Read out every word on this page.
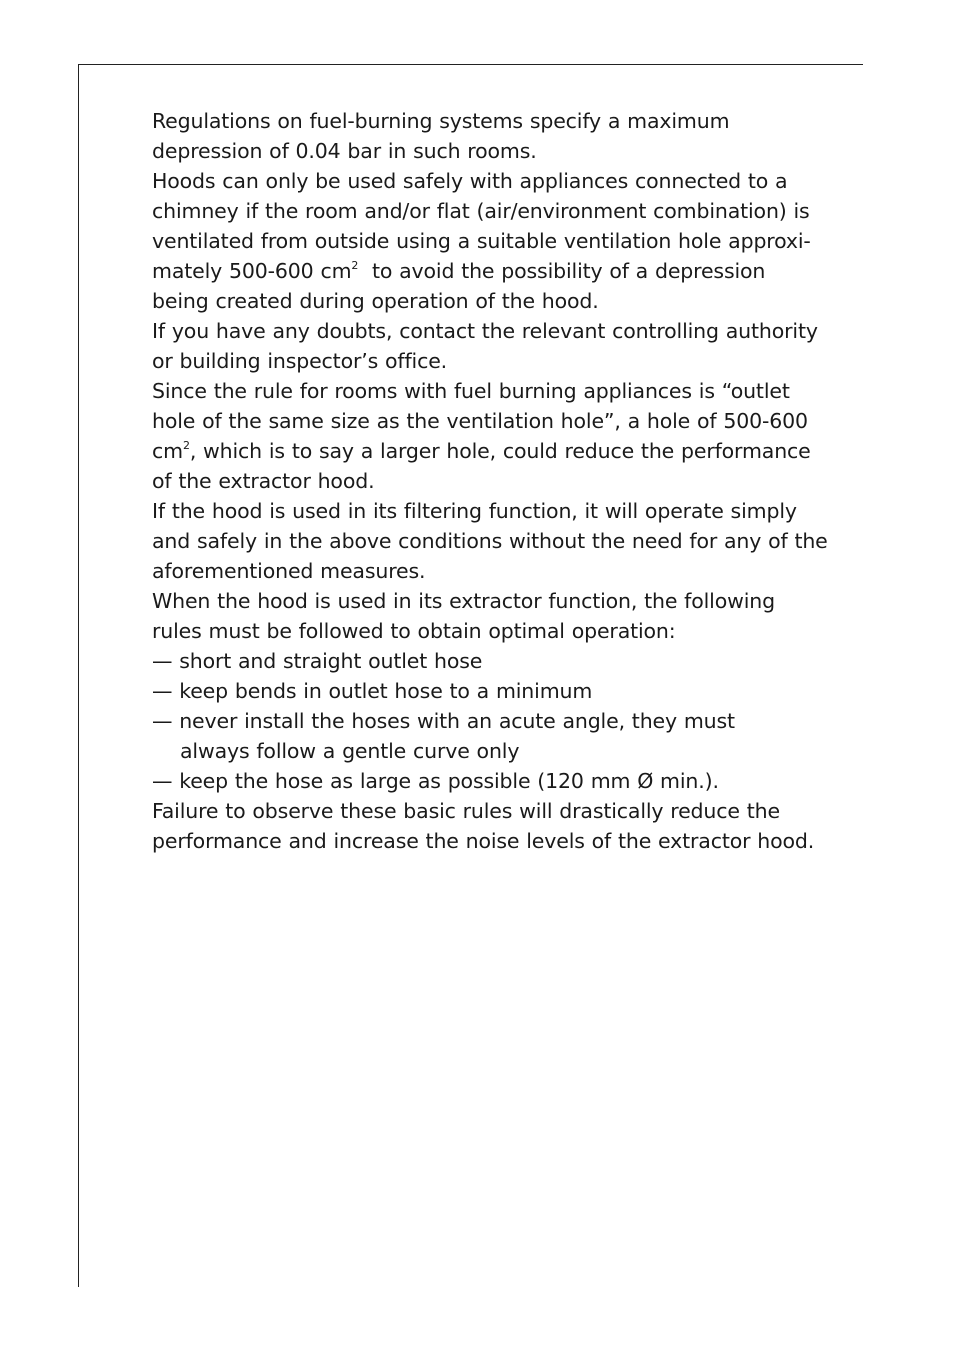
Regulations on fuel-burning systems specify a maximum
depression of 0.04 bar in such rooms.
Hoods can only be used safely with appliances connected to a
chimney if the room and/or flat (air/environment combination) is
ventilated from outside using a suitable ventilation hole approxi-
mately 500-600 $cm^2$  to avoid the possibility of a depression
being created during operation of the hood.
If you have any doubts, contact the relevant controlling authority
or building inspector’s office.
Since the rule for rooms with fuel burning appliances is “outlet
hole of the same size as the ventilation hole”, a hole of 500-600
$cm^2$, which is to say a larger hole, could reduce the performance
of the extractor hood.
If the hood is used in its filtering function, it will operate simply
and safely in the above conditions without the need for any of the
aforementioned measures.
When the hood is used in its extractor function, the following
rules must be followed to obtain optimal operation:
— short and straight outlet hose
— keep bends in outlet hose to a minimum
— never install the hoses with an acute angle, they must
always follow a gentle curve only
— keep the hose as large as possible (120 mm Ø min.).
Failure to observe these basic rules will drastically reduce the
performance and increase the noise levels of the extractor hood.
